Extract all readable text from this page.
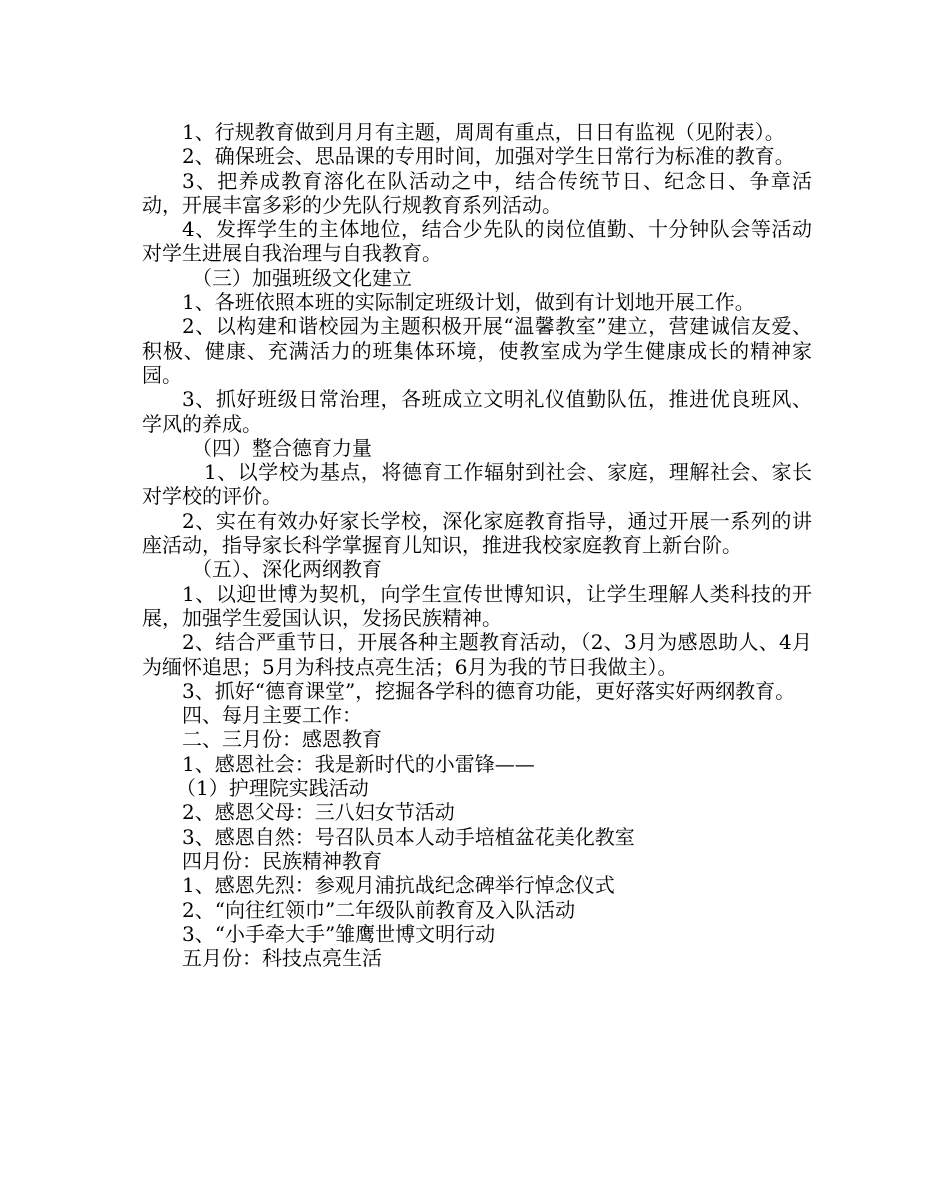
1、行规教育做到月月有主题，周周有重点，日日有监视（见附表）。

2、确保班会、思品课的专用时间，加强对学生日常行为标准的教育。

3、把养成教育溶化在队活动之中，结合传统节日、纪念日、争章活动，开展丰富多彩的少先队行规教育系列活动。

4、发挥学生的主体地位，结合少先队的岗位值勤、十分钟队会等活动对学生进展自我治理与自我教育。

（三）加强班级文化建立

1、各班依照本班的实际制定班级计划，做到有计划地开展工作。

2、以构建和谐校园为主题积极开展“温馨教室”建立，营建诚信友爱、积极、健康、充满活力的班集体环境，使教室成为学生健康成长的精神家园。

3、抓好班级日常治理，各班成立文明礼仪值勤队伍，推进优良班风、学风的养成。

（四）整合德育力量

1、以学校为基点，将德育工作辐射到社会、家庭，理解社会、家长对学校的评价。

2、实在有效办好家长学校，深化家庭教育指导，通过开展一系列的讲座活动，指导家长科学掌握育儿知识，推进我校家庭教育上新台阶。

（五）、深化两纲教育

1、以迎世博为契机，向学生宣传世博知识，让学生理解人类科技的开展，加强学生爱国认识，发扬民族精神。

2、结合严重节日，开展各种主题教育活动，（2、3月为感恩助人、4月为缅怀追思；5月为科技点亮生活；6月为我的节日我做主）。

3、抓好“德育课堂”，挖掘各学科的德育功能，更好落实好两纲教育。

四、每月主要工作：

二、三月份：感恩教育

1、感恩社会：我是新时代的小雷锋——

（1）护理院实践活动

2、感恩父母：三八妇女节活动

3、感恩自然：号召队员本人动手培植盆花美化教室

四月份：民族精神教育

1、感恩先烈：参观月浦抗战纪念碑举行悼念仪式

2、“向往红领巾”二年级队前教育及入队活动

3、“小手牵大手”雏鹰世博文明行动

五月份：科技点亮生活
